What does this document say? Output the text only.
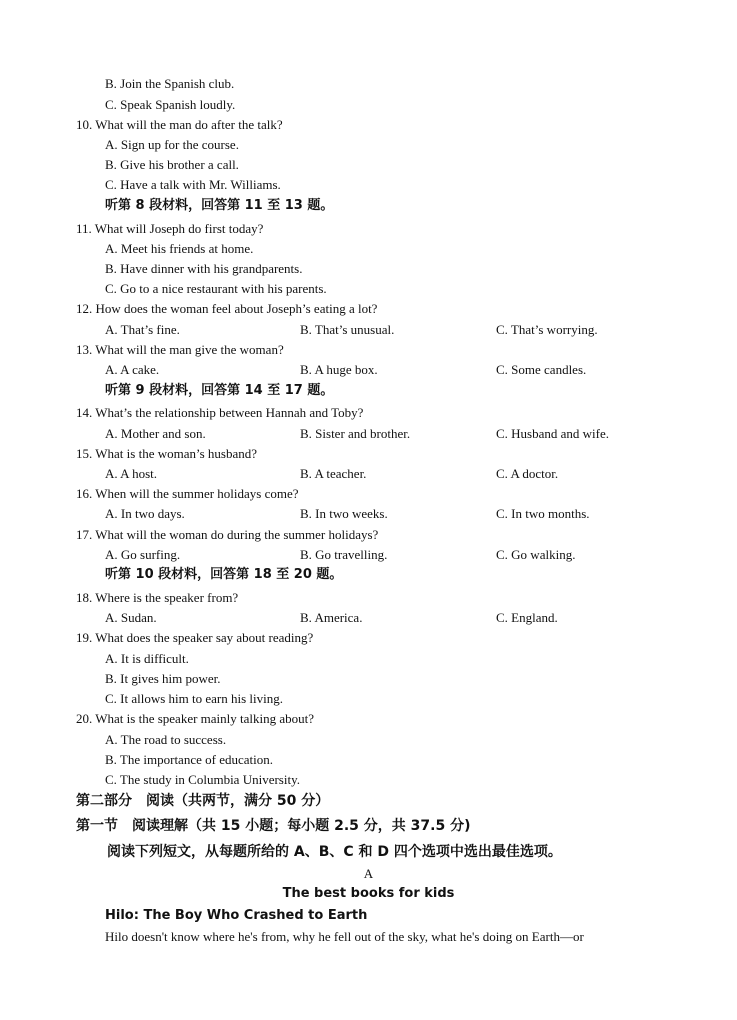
B. Join the Spanish club.
C. Speak Spanish loudly.
10. What will the man do after the talk?
A. Sign up for the course.
B. Give his brother a call.
C. Have a talk with Mr. Williams.
听第 8 段材料，回答第 11 至 13 题。
11. What will Joseph do first today?
A. Meet his friends at home.
B. Have dinner with his grandparents.
C. Go to a nice restaurant with his parents.
12. How does the woman feel about Joseph’s eating a lot?
A. That’s fine.	B. That’s unusual.	C. That’s worrying.
13. What will the man give the woman?
A. A cake.	B. A huge box.	C. Some candles.
听第 9 段材料，回答第 14 至 17 题。
14. What’s the relationship between Hannah and Toby?
A. Mother and son.	B. Sister and brother.	C. Husband and wife.
15. What is the woman’s husband?
A. A host.	B. A teacher.	C. A doctor.
16. When will the summer holidays come?
A. In two days.	B. In two weeks.	C. In two months.
17. What will the woman do during the summer holidays?
A. Go surfing.	B. Go travelling.	C. Go walking.
听第 10 段材料，回答第 18 至 20 题。
18. Where is the speaker from?
A. Sudan.	B. America.	C. England.
19. What does the speaker say about reading?
A. It is difficult.
B. It gives him power.
C. It allows him to earn his living.
20. What is the speaker mainly talking about?
A. The road to success.
B. The importance of education.
C. The study in Columbia University.
第二部分　阅读（共两节，满分 50 分）
第一节　阅读理解（共 15 小题；每小题 2.5 分，共 37.5 分)
阅读下列短文，从每题所给的 A、B、C 和 D 四个选项中选出最佳选项。
A
The best books for kids
Hilo: The Boy Who Crashed to Earth
Hilo doesn't know where he's from, why he fell out of the sky, what he's doing on Earth—or
